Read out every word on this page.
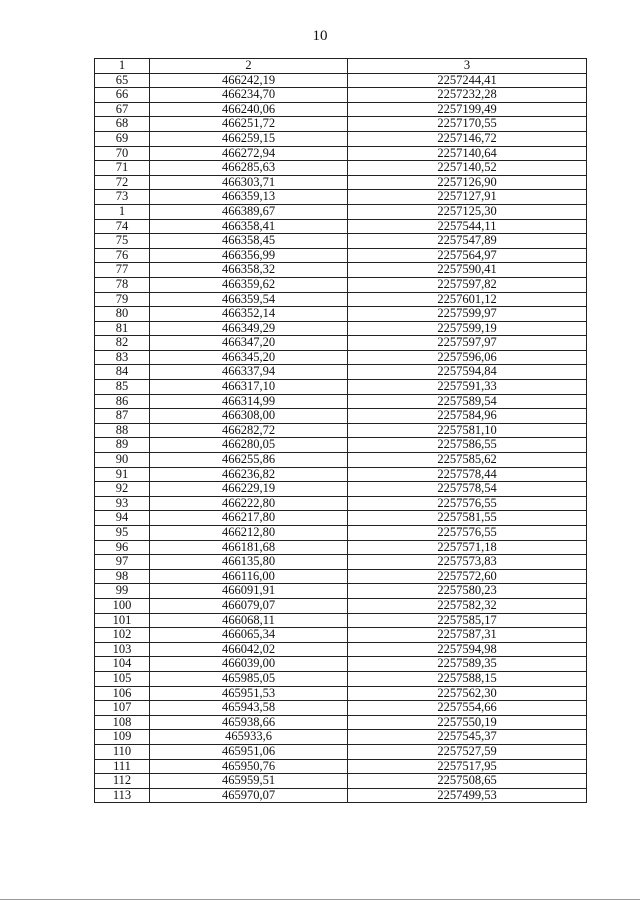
10
1	2	3
65	466242,19	2257244,41
66	466234,70	2257232,28
67	466240,06	2257199,49
68	466251,72	2257170,55
69	466259,15	2257146,72
70	466272,94	2257140,64
71	466285,63	2257140,52
72	466303,71	2257126,90
73	466359,13	2257127,91
1	466389,67	2257125,30
74	466358,41	2257544,11
75	466358,45	2257547,89
76	466356,99	2257564,97
77	466358,32	2257590,41
78	466359,62	2257597,82
79	466359,54	2257601,12
80	466352,14	2257599,97
81	466349,29	2257599,19
82	466347,20	2257597,97
83	466345,20	2257596,06
84	466337,94	2257594,84
85	466317,10	2257591,33
86	466314,99	2257589,54
87	466308,00	2257584,96
88	466282,72	2257581,10
89	466280,05	2257586,55
90	466255,86	2257585,62
91	466236,82	2257578,44
92	466229,19	2257578,54
93	466222,80	2257576,55
94	466217,80	2257581,55
95	466212,80	2257576,55
96	466181,68	2257571,18
97	466135,80	2257573,83
98	466116,00	2257572,60
99	466091,91	2257580,23
100	466079,07	2257582,32
101	466068,11	2257585,17
102	466065,34	2257587,31
103	466042,02	2257594,98
104	466039,00	2257589,35
105	465985,05	2257588,15
106	465951,53	2257562,30
107	465943,58	2257554,66
108	465938,66	2257550,19
109	465933,6	2257545,37
110	465951,06	2257527,59
111	465950,76	2257517,95
112	465959,51	2257508,65
113	465970,07	2257499,53
